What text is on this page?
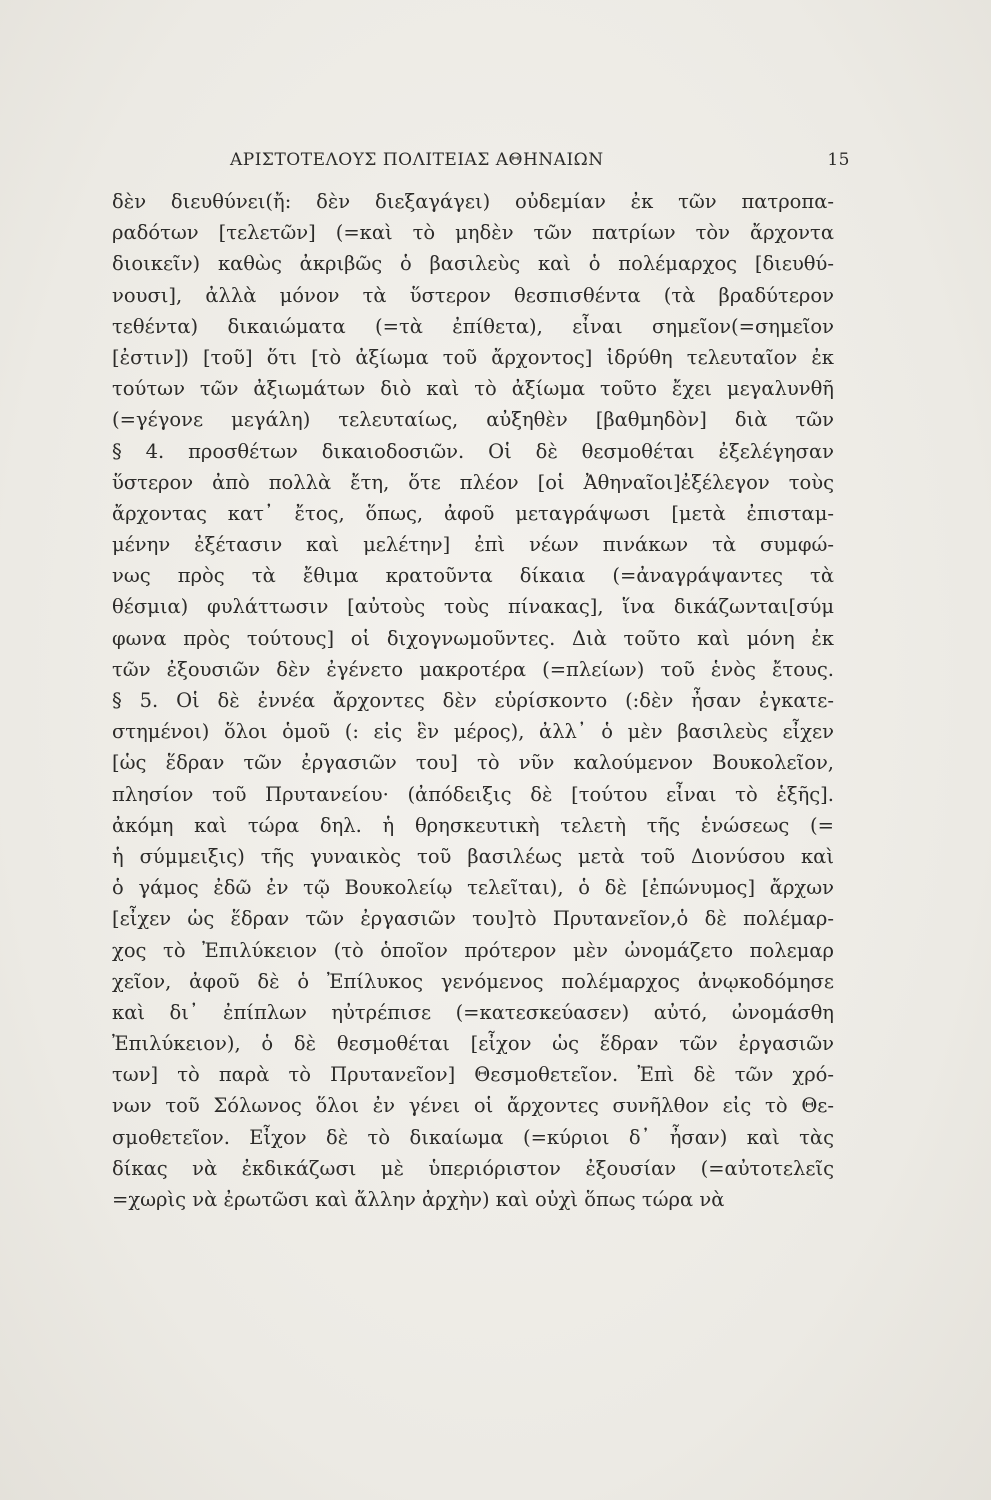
ΑΡΙΣΤΟΤΕΛΟΥΣ ΠΟΛΙΤΕΙΑΣ ΑΘΗΝΑΙΩΝ	15
δὲν διευθύνει(ἤ: δὲν διεξαγάγει) οὐδεμίαν ἐκ τῶν πατροπα-
ραδότων [τελετῶν] (=καὶ τὸ μηδὲν τῶν πατρίων τὸν ἄρχοντα
διοικεῖν) καθὼς ἀκριβῶς ὁ βασιλεὺς καὶ ὁ πολέμαρχος [διευθύ-
νουσι], ἀλλὰ μόνον τὰ ὕστερον θεσπισθέντα (τὰ βραδύτερον
τεθέντα) δικαιώματα (=τὰ ἐπίθετα), εἶναι σημεῖον(=σημεῖον
[ἐστιν]) [τοῦ] ὅτι [τὸ ἀξίωμα τοῦ ἄρχοντος] ἱδρύθη τελευταῖον ἐκ
τούτων τῶν ἀξιωμάτων διὸ καὶ τὸ ἀξίωμα τοῦτο ἔχει μεγαλυνθῆ
(=γέγονε μεγάλη) τελευταίως, αὐξηθὲν [βαθμηδὸν] διὰ τῶν
§ 4. προσθέτων δικαιοδοσιῶν. Οἱ δὲ θεσμοθέται ἐξελέγησαν
ὕστερον ἀπὸ πολλὰ ἔτη, ὅτε πλέον [οἱ Ἀθηναῖοι]ἐξέλεγον τοὺς
ἄρχοντας κατ᾽ ἔτος, ὅπως, ἀφοῦ μεταγράψωσι [μετὰ ἐπισταμ-
μένην ἐξέτασιν καὶ μελέτην] ἐπὶ νέων πινάκων τὰ συμφώ-
νως πρὸς τὰ ἔθιμα κρατοῦντα δίκαια (=ἀναγράψαντες τὰ
θέσμια) φυλάττωσιν [αὐτοὺς τοὺς πίνακας], ἵνα δικάζωνται[σύμ
φωνα πρὸς τούτους] οἱ διχογνωμοῦντες. Διὰ τοῦτο καὶ μόνη ἐκ
τῶν ἐξουσιῶν δὲν ἐγένετο μακροτέρα (=πλείων) τοῦ ἑνὸς ἔτους.
§ 5. Οἱ δὲ ἐννέα ἄρχοντες δὲν εὑρίσκοντο (:δὲν ἦσαν ἐγκατε-
στημένοι) ὅλοι ὁμοῦ (: εἰς ἓν μέρος), ἀλλ᾽ ὁ μὲν βασιλεὺς εἶχεν
[ὡς ἕδραν τῶν ἐργασιῶν του] τὸ νῦν καλούμενον Βουκολεῖον,
πλησίον τοῦ Πρυτανείου· (ἀπόδειξις δὲ [τούτου εἶναι τὸ ἑξῆς].
ἀκόμη καὶ τώρα δηλ. ἡ θρησκευτικὴ τελετὴ τῆς ἑνώσεως (=
ἡ σύμμειξις) τῆς γυναικὸς τοῦ βασιλέως μετὰ τοῦ Διονύσου καὶ
ὁ γάμος ἐδῶ ἐν τῷ Βουκολείῳ τελεῖται), ὁ δὲ [ἐπώνυμος] ἄρχων
[εἶχεν ὡς ἕδραν τῶν ἐργασιῶν του]τὸ Πρυτανεῖον,ὁ δὲ πολέμαρ-
χος τὸ Ἐπιλύκειον (τὸ ὁποῖον πρότερον μὲν ὠνομάζετο πολεμαρ
χεῖον, ἀφοῦ δὲ ὁ Ἐπίλυκος γενόμενος πολέμαρχος ἀνῳκοδόμησε
καὶ δι᾽ ἐπίπλων ηὐτρέπισε (=κατεσκεύασεν) αὐτό, ὠνομάσθη
Ἐπιλύκειον), ὁ δὲ θεσμοθέται [εἶχον ὡς ἕδραν τῶν ἐργασιῶν
των] τὸ παρὰ τὸ Πρυτανεῖον] Θεσμοθετεῖον. Ἐπὶ δὲ τῶν χρό-
νων τοῦ Σόλωνος ὅλοι ἐν γένει οἱ ἄρχοντες συνῆλθον εἰς τὸ Θε-
σμοθετεῖον. Εἶχον δὲ τὸ δικαίωμα (=κύριοι δ᾽ ἦσαν) καὶ τὰς
δίκας νὰ ἐκδικάζωσι μὲ ὑπεριόριστον ἐξουσίαν (=αὐτοτελεῖς
=χωρὶς νὰ ἐρωτῶσι καὶ ἄλλην ἀρχὴν) καὶ οὐχὶ ὅπως τώρα νὰ
